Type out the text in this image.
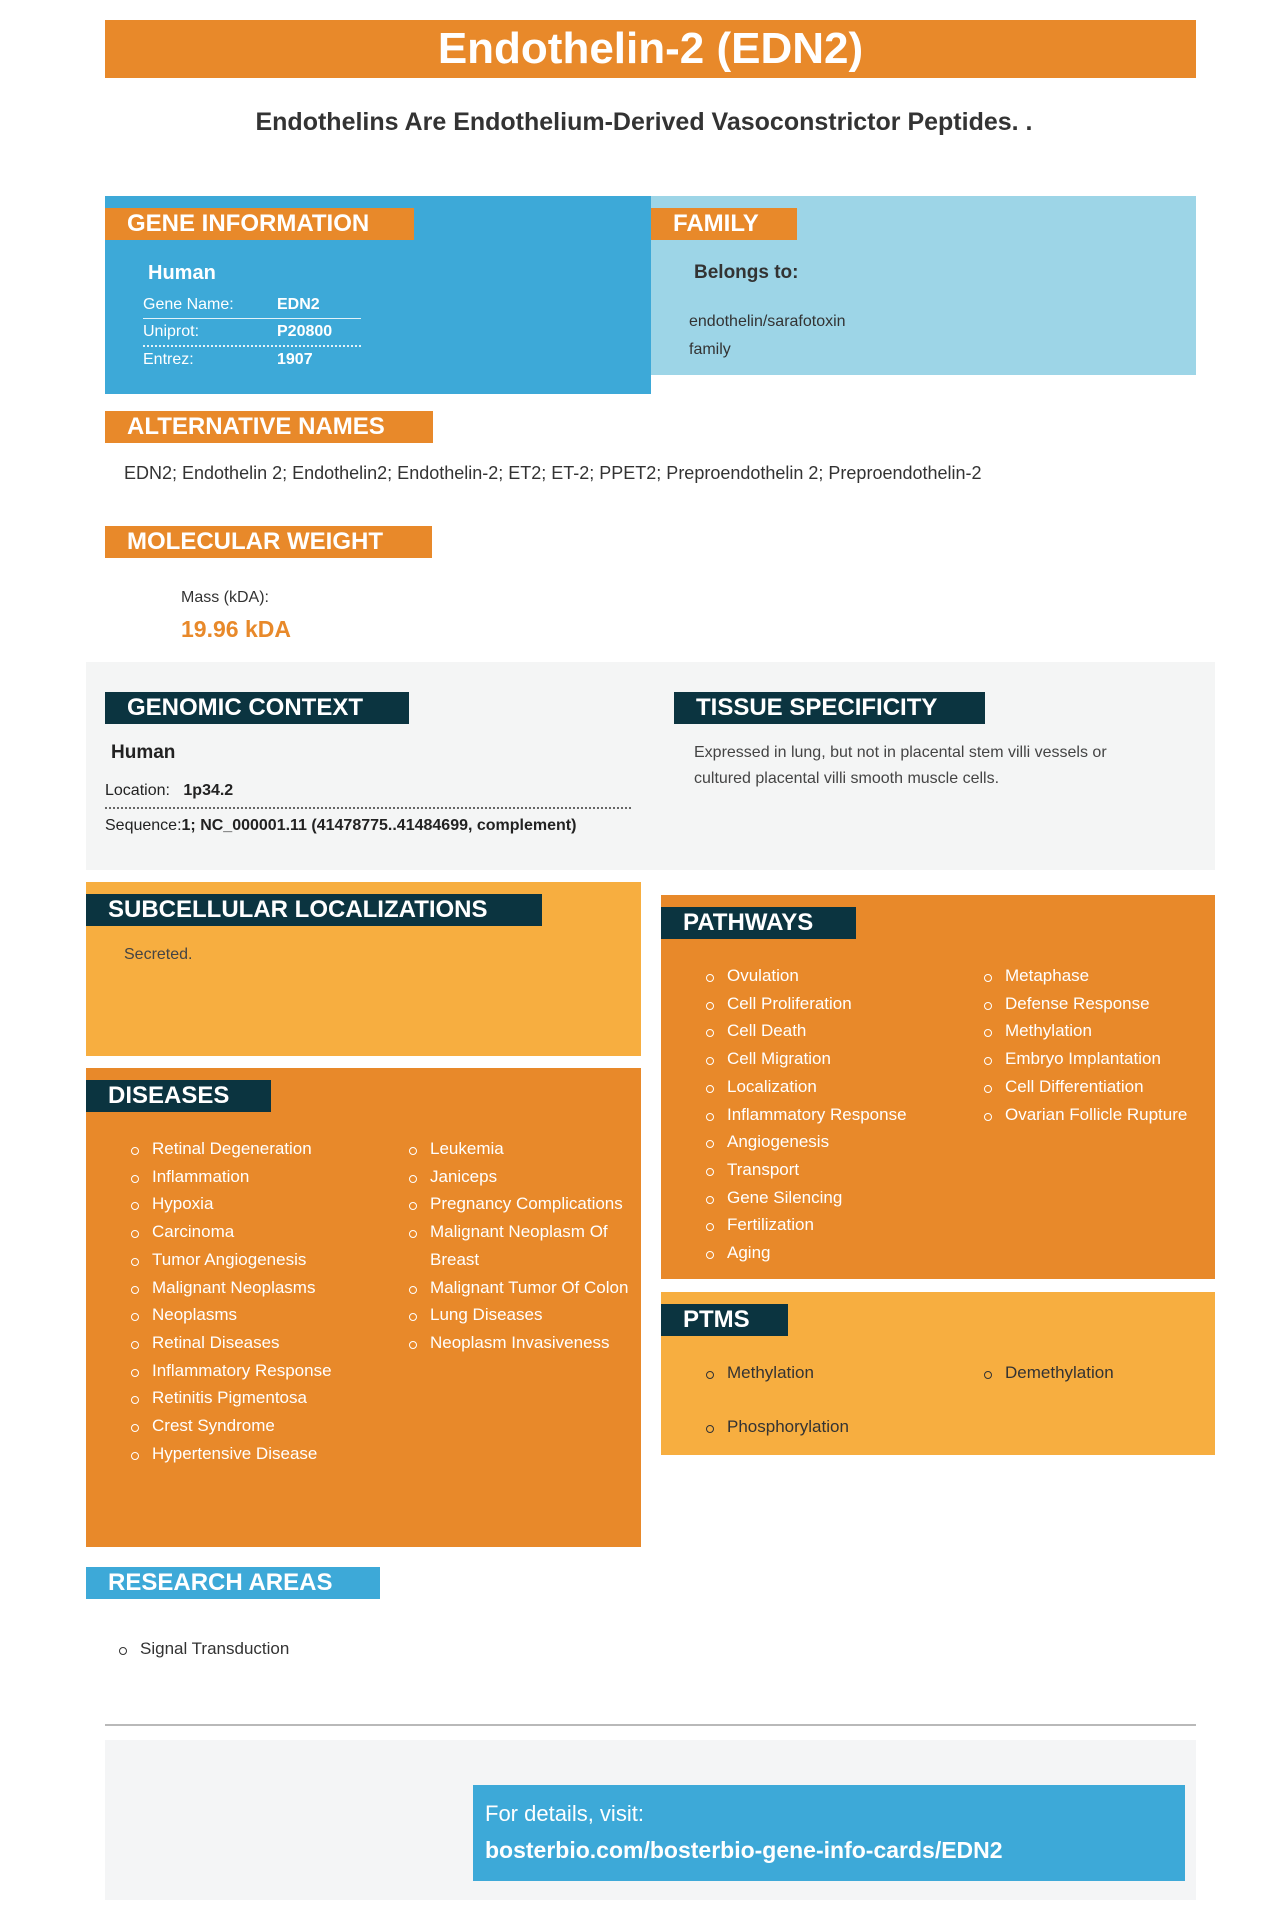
Endothelin-2 (EDN2)
Endothelins Are Endothelium-Derived Vasoconstrictor Peptides. .
GENE INFORMATION
Human
Gene Name:	EDN2
Uniprot:	P20800
Entrez:	1907
FAMILY
Belongs to:
endothelin/sarafotoxin
family
ALTERNATIVE NAMES
EDN2; Endothelin 2; Endothelin2; Endothelin-2; ET2; ET-2; PPET2; Preproendothelin 2; Preproendothelin-2
MOLECULAR WEIGHT
Mass (kDA):
19.96 kDA
GENOMIC CONTEXT
Human
Location: 1p34.2
Sequence:1; NC_000001.11 (41478775..41484699, complement)
TISSUE SPECIFICITY
Expressed in lung, but not in placental stem villi vessels or
cultured placental villi smooth muscle cells.
SUBCELLULAR LOCALIZATIONS
Secreted.
DISEASES
Retinal Degeneration
Inflammation
Hypoxia
Carcinoma
Tumor Angiogenesis
Malignant Neoplasms
Neoplasms
Retinal Diseases
Inflammatory Response
Retinitis Pigmentosa
Crest Syndrome
Hypertensive Disease
Leukemia
Janiceps
Pregnancy Complications
Malignant Neoplasm Of Breast
Malignant Tumor Of Colon
Lung Diseases
Neoplasm Invasiveness
PATHWAYS
Ovulation
Cell Proliferation
Cell Death
Cell Migration
Localization
Inflammatory Response
Angiogenesis
Transport
Gene Silencing
Fertilization
Aging
Metaphase
Defense Response
Methylation
Embryo Implantation
Cell Differentiation
Ovarian Follicle Rupture
PTMS
Methylation
Phosphorylation
Demethylation
RESEARCH AREAS
Signal Transduction
For details, visit:
bosterbio.com/bosterbio-gene-info-cards/EDN2
